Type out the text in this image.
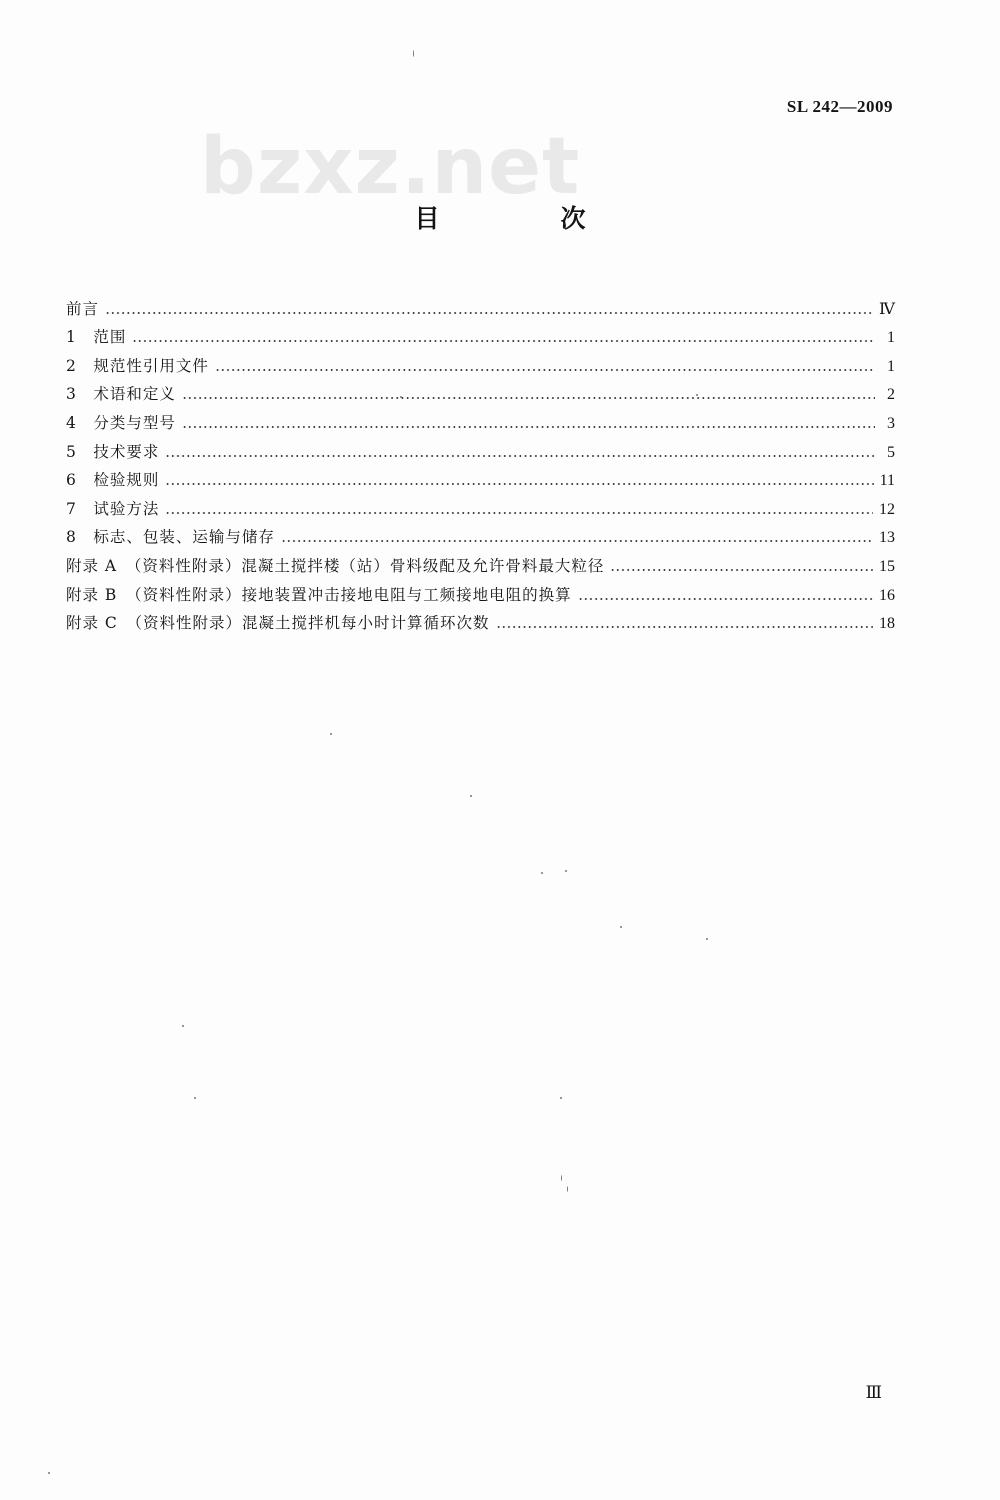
SL 242—2009
bzxz.net
目　次
前言	Ⅳ
1　范围	1
2　规范性引用文件	1
3　术语和定义	2
4　分类与型号	3
5　技术要求	5
6　检验规则	11
7　试验方法	12
8　标志、包装、运输与储存	13
附录 A　（资料性附录）混凝土搅拌楼（站）骨料级配及允许骨料最大粒径	15
附录 B　（资料性附录）接地装置冲击接地电阻与工频接地电阻的换算	16
附录 C　（资料性附录）混凝土搅拌机每小时计算循环次数	18
Ⅲ
